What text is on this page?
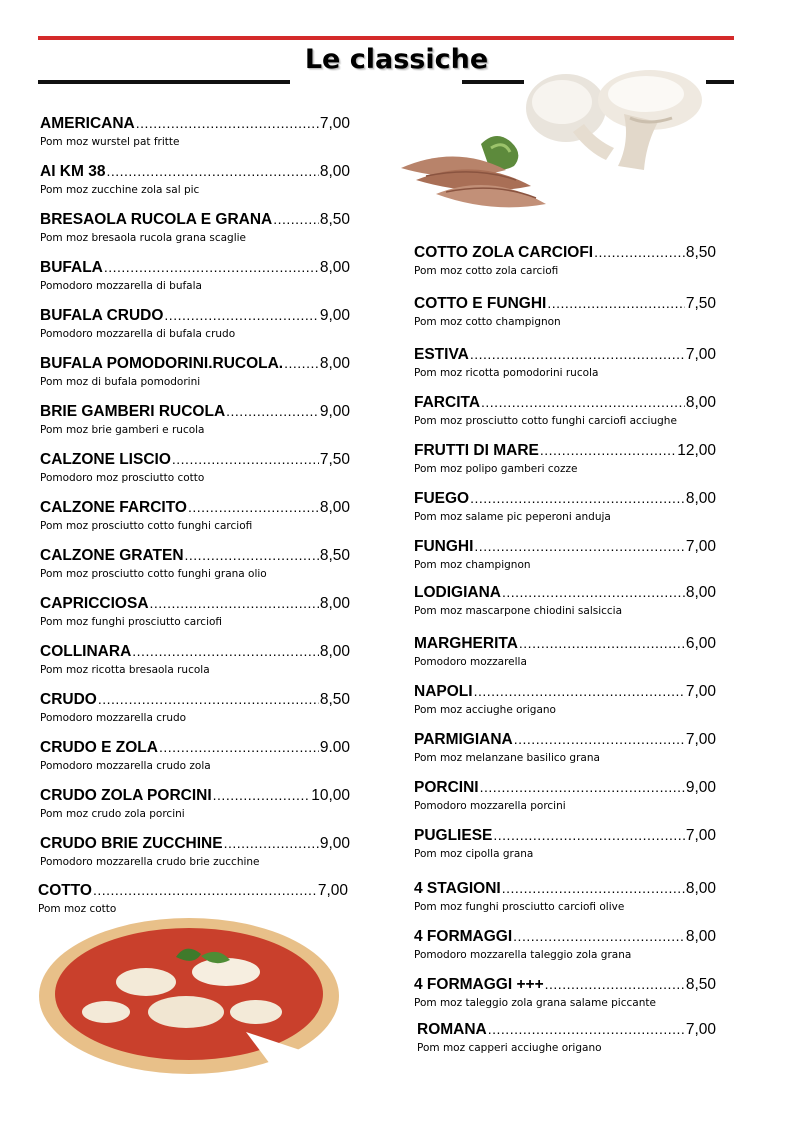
Le classiche
AMERICANA .....	7,00
Pom moz wurstel pat fritte
AI KM 38 .....	8,00
Pom moz zucchine zola sal pic
BRESAOLA RUCOLA E GRANA .....	8,50
Pom moz bresaola rucola grana scaglie
BUFALA .....	8,00
Pomodoro mozzarella di bufala
BUFALA CRUDO .....	9,00
Pomodoro mozzarella di bufala crudo
BUFALA POMODORINI.RUCOLA. ..... 8,00
Pom moz di bufala pomodorini
BRIE GAMBERI RUCOLA .....	9,00
Pom moz brie gamberi e rucola
CALZONE LISCIO .....	7,50
Pomodoro moz prosciutto cotto
CALZONE FARCITO .....	8,00
Pom moz prosciutto cotto funghi carciofi
CALZONE GRATEN .....	8,50
Pom moz prosciutto cotto funghi grana olio
CAPRICCIOSA .....	8,00
Pom moz funghi prosciutto carciofi
COLLINARA .....	8,00
Pom moz ricotta bresaola rucola
CRUDO .....	8,50
Pomodoro mozzarella crudo
CRUDO E ZOLA .....	9.00
Pomodoro mozzarella crudo zola
CRUDO ZOLA PORCINI .....	10,00
Pom moz crudo zola porcini
CRUDO BRIE ZUCCHINE .....	9,00
Pomodoro mozzarella crudo brie zucchine
COTTO .....	7,00
Pom moz cotto
COTTO ZOLA CARCIOFI .....	8,50
Pom moz cotto zola carciofi
COTTO E FUNGHI .....	7,50
Pom moz cotto champignon
ESTIVA .....	7,00
Pom moz ricotta pomodorini rucola
FARCITA .....	8,00
Pom moz prosciutto cotto funghi carciofi acciughe
FRUTTI DI MARE .....	12,00
Pom moz polipo gamberi cozze
FUEGO .....	8,00
Pom moz salame pic peperoni anduja
FUNGHI .....	7,00
Pom moz champignon
LODIGIANA .....	8,00
Pom moz mascarpone chiodini salsiccia
MARGHERITA .....	6,00
Pomodoro mozzarella
NAPOLI .....	7,00
Pom moz acciughe origano
PARMIGIANA .....	7,00
Pom moz melanzane basilico grana
PORCINI .....	9,00
Pomodoro mozzarella porcini
PUGLIESE .....	7,00
Pom moz cipolla grana
4 STAGIONI .....	8,00
Pom moz funghi prosciutto carciofi olive
4 FORMAGGI .....	8,00
Pomodoro mozzarella taleggio zola grana
4 FORMAGGI +++ .....	8,50
Pom moz taleggio zola grana salame piccante
ROMANA .....	7,00
Pom moz capperi acciughe origano
